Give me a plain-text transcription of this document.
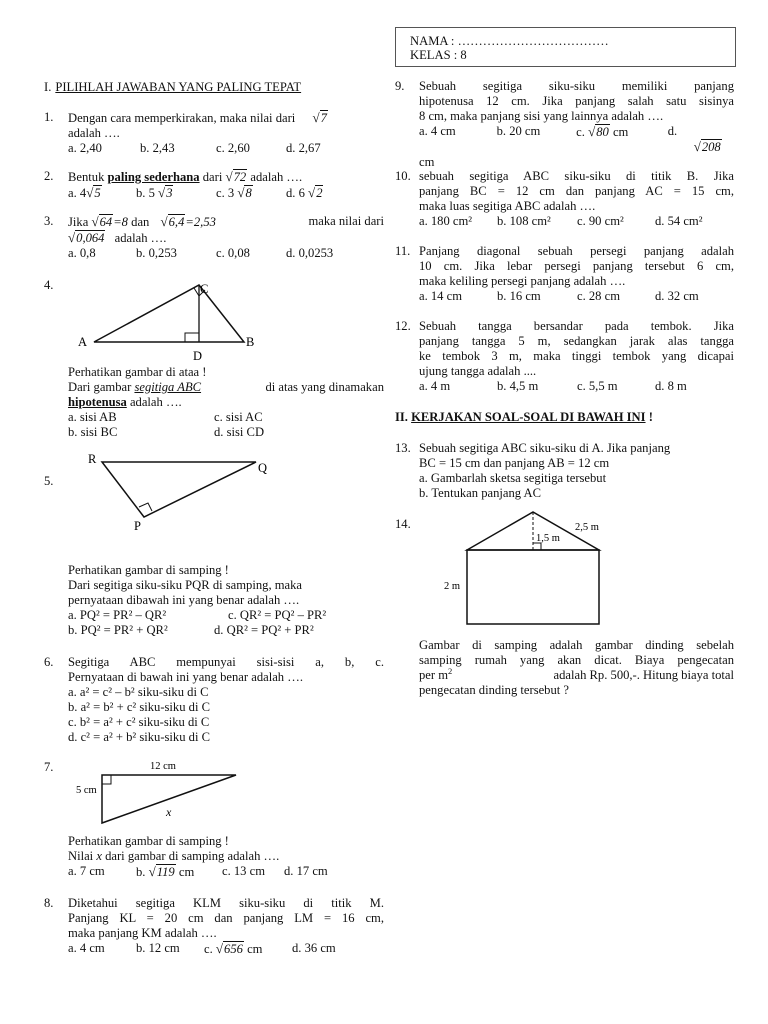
NAMA : ………………………………
KELAS : 8
I. PILIHLAH JAWABAN YANG PALING TEPAT
1. Dengan cara memperkirakan, maka nilai dari √7
adalah ….
a. 2,40	b. 2,43	c. 2,60	d. 2,67
2. Bentuk paling sederhana dari √72 adalah ….
a. 4√5	b. 5 √3	c. 3 √8	d. 6 √2
3. Jika √64=8 dan √6,4=2,53	maka nilai dari
√0,064 adalah ….
a. 0,8	b. 0,253	c. 0,08	d. 0,0253
4.
A	B
C
D
Perhatikan gambar di ataa !
Dari gambar segitiga ABC	di atas yang dinamakan
hipotenusa adalah ….
a. sisi AB	c. sisi AC
b. sisi BC	d. sisi CD
5.
R
Q
P
Perhatikan gambar di samping !
Dari segitiga siku-siku PQR di samping, maka
pernyataan dibawah ini yang benar adalah ….
a. PQ² = PR² – QR²	c. QR² = PQ² – PR²
b. PQ² = PR² + QR²	d. QR² = PQ² + PR²
6. Segitiga ABC mempunyai sisi-sisi a, b, c.
Pernyataan di bawah ini yang benar adalah ….
a. a² = c² – b² siku-siku di C
b. a² = b² + c² siku-siku di C
c. b² = a² + c² siku-siku di C
d. c² = a² + b² siku-siku di C
7.	12 cm
5 cm
x
Perhatikan gambar di samping !
Nilai x dari gambar di samping adalah ….
a. 7 cm	b. √119 cm	c. 13 cm	d. 17 cm
8. Diketahui segitiga KLM siku-siku di titik M.
Panjang KL = 20 cm dan panjang LM = 16 cm,
maka panjang KM adalah ….
a. 4 cm	b. 12 cm	c. √656 cm	d. 36 cm
9. Sebuah segitiga siku-siku memiliki panjang
hipotenusa 12 cm. Jika panjang salah satu sisinya
8 cm, maka panjang sisi yang lainnya adalah ….
a. 4 cm	b. 20 cm	c. √80 cm	d. √208
cm
10. sebuah segitiga ABC siku-siku di titik B. Jika
panjang BC = 12 cm dan panjang AC = 15 cm,
maka luas segitiga ABC adalah ….
a. 180 cm²	b. 108 cm²	c. 90 cm²	d. 54 cm²
11. Panjang diagonal sebuah persegi panjang adalah
10 cm. Jika lebar persegi panjang tersebut 6 cm,
maka keliling persegi panjang adalah ….
a. 14 cm	b. 16 cm	c. 28 cm	d. 32 cm
12. Sebuah tangga bersandar pada tembok. Jika
panjang tangga 5 m, sedangkan jarak alas tangga
ke tembok 3 m, maka tinggi tembok yang dicapai
ujung tangga adalah ....
a. 4 m	b. 4,5 m	c. 5,5 m	d. 8 m
II. KERJAKAN SOAL-SOAL DI BAWAH INI !
13. Sebuah segitiga ABC siku-siku di A. Jika panjang
BC = 15 cm dan panjang AB = 12 cm
a. Gambarlah sketsa segitiga tersebut
b. Tentukan panjang AC
14.	2,5 m
1,5 m
2 m
Gambar di samping adalah gambar dinding sebelah
samping rumah yang akan dicat. Biaya pengecatan
per $m^2$	adalah Rp. 500,-. Hitung biaya total
pengecatan dinding tersebut ?
